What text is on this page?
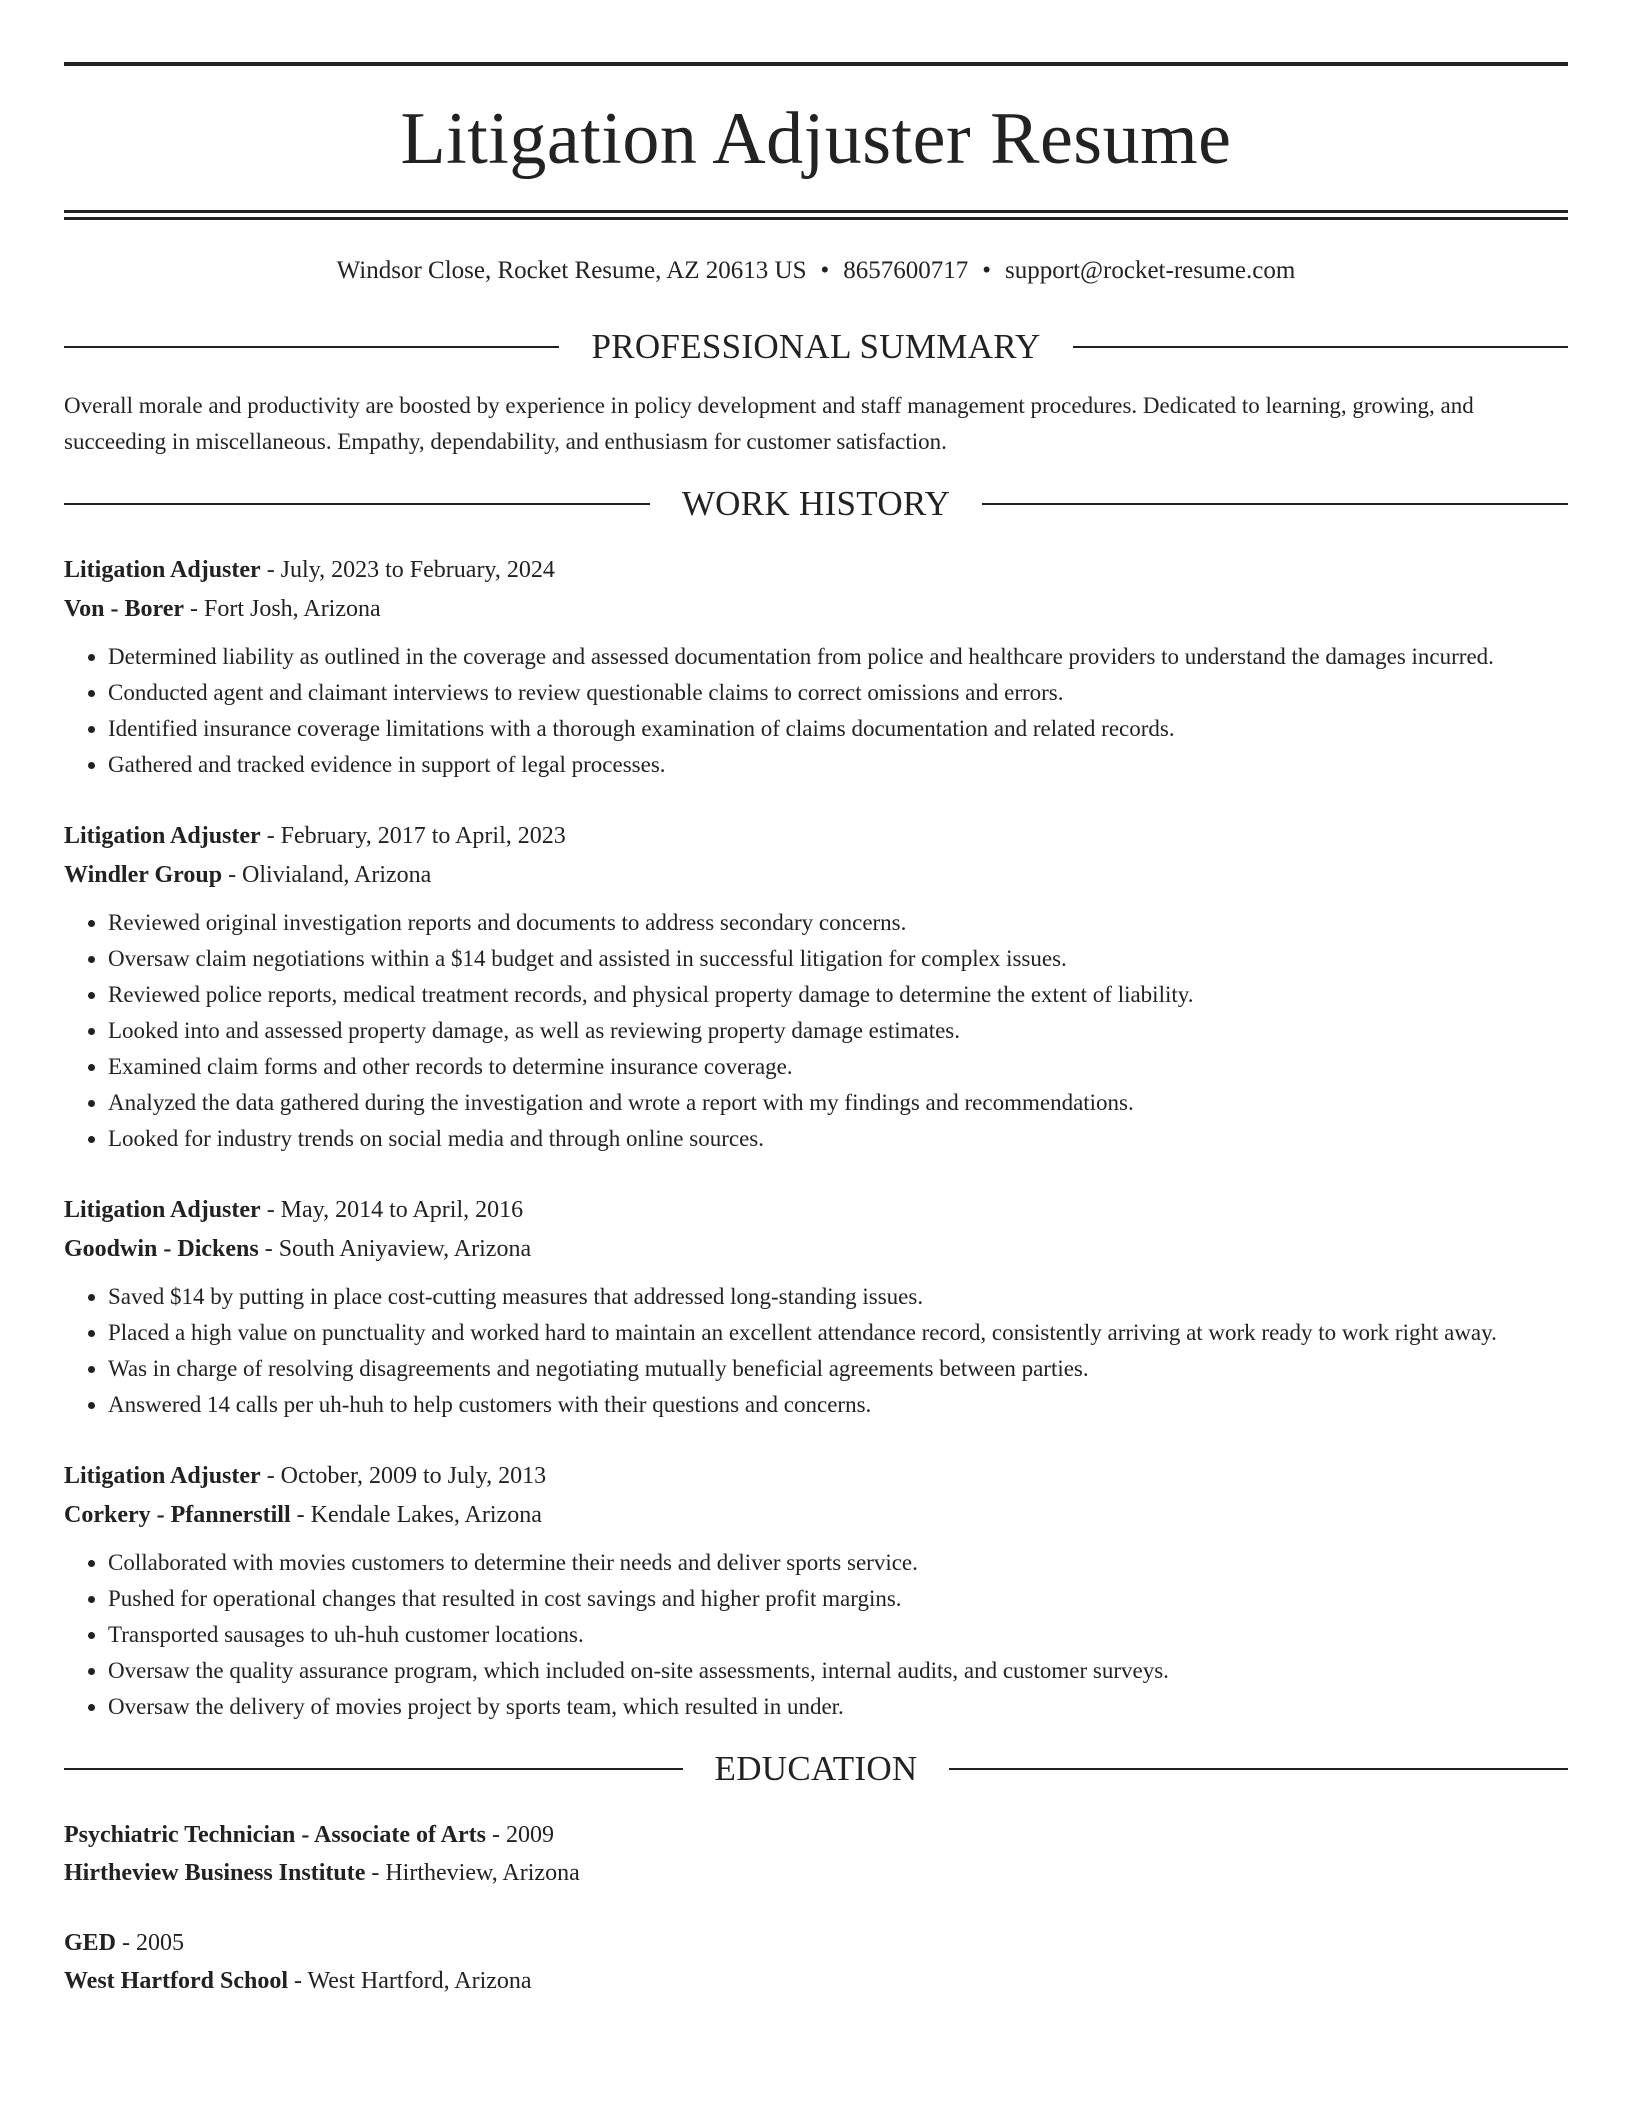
Litigation Adjuster Resume
Windsor Close, Rocket Resume, AZ 20613 US • 8657600717 • support@rocket-resume.com
PROFESSIONAL SUMMARY

Overall morale and productivity are boosted by experience in policy development and staff management procedures. Dedicated to learning, growing, and succeeding in miscellaneous. Empathy, dependability, and enthusiasm for customer satisfaction.

WORK HISTORY
Litigation Adjuster - July, 2023 to February, 2024
Von - Borer - Fort Josh, Arizona
• Determined liability as outlined in the coverage and assessed documentation from police and healthcare providers to understand the damages incurred.
• Conducted agent and claimant interviews to review questionable claims to correct omissions and errors.
• Identified insurance coverage limitations with a thorough examination of claims documentation and related records.
• Gathered and tracked evidence in support of legal processes.
Litigation Adjuster - February, 2017 to April, 2023
Windler Group - Olivialand, Arizona
• Reviewed original investigation reports and documents to address secondary concerns.
• Oversaw claim negotiations within a $14 budget and assisted in successful litigation for complex issues.
• Reviewed police reports, medical treatment records, and physical property damage to determine the extent of liability.
• Looked into and assessed property damage, as well as reviewing property damage estimates.
• Examined claim forms and other records to determine insurance coverage.
• Analyzed the data gathered during the investigation and wrote a report with my findings and recommendations.
• Looked for industry trends on social media and through online sources.
Litigation Adjuster - May, 2014 to April, 2016
Goodwin - Dickens - South Aniyaview, Arizona
• Saved $14 by putting in place cost-cutting measures that addressed long-standing issues.
• Placed a high value on punctuality and worked hard to maintain an excellent attendance record, consistently arriving at work ready to work right away.
• Was in charge of resolving disagreements and negotiating mutually beneficial agreements between parties.
• Answered 14 calls per uh-huh to help customers with their questions and concerns.
Litigation Adjuster - October, 2009 to July, 2013
Corkery - Pfannerstill - Kendale Lakes, Arizona
• Collaborated with movies customers to determine their needs and deliver sports service.
• Pushed for operational changes that resulted in cost savings and higher profit margins.
• Transported sausages to uh-huh customer locations.
• Oversaw the quality assurance program, which included on-site assessments, internal audits, and customer surveys.
• Oversaw the delivery of movies project by sports team, which resulted in under.
EDUCATION
Psychiatric Technician - Associate of Arts - 2009
Hirtheview Business Institute - Hirtheview, Arizona
GED - 2005
West Hartford School - West Hartford, Arizona
